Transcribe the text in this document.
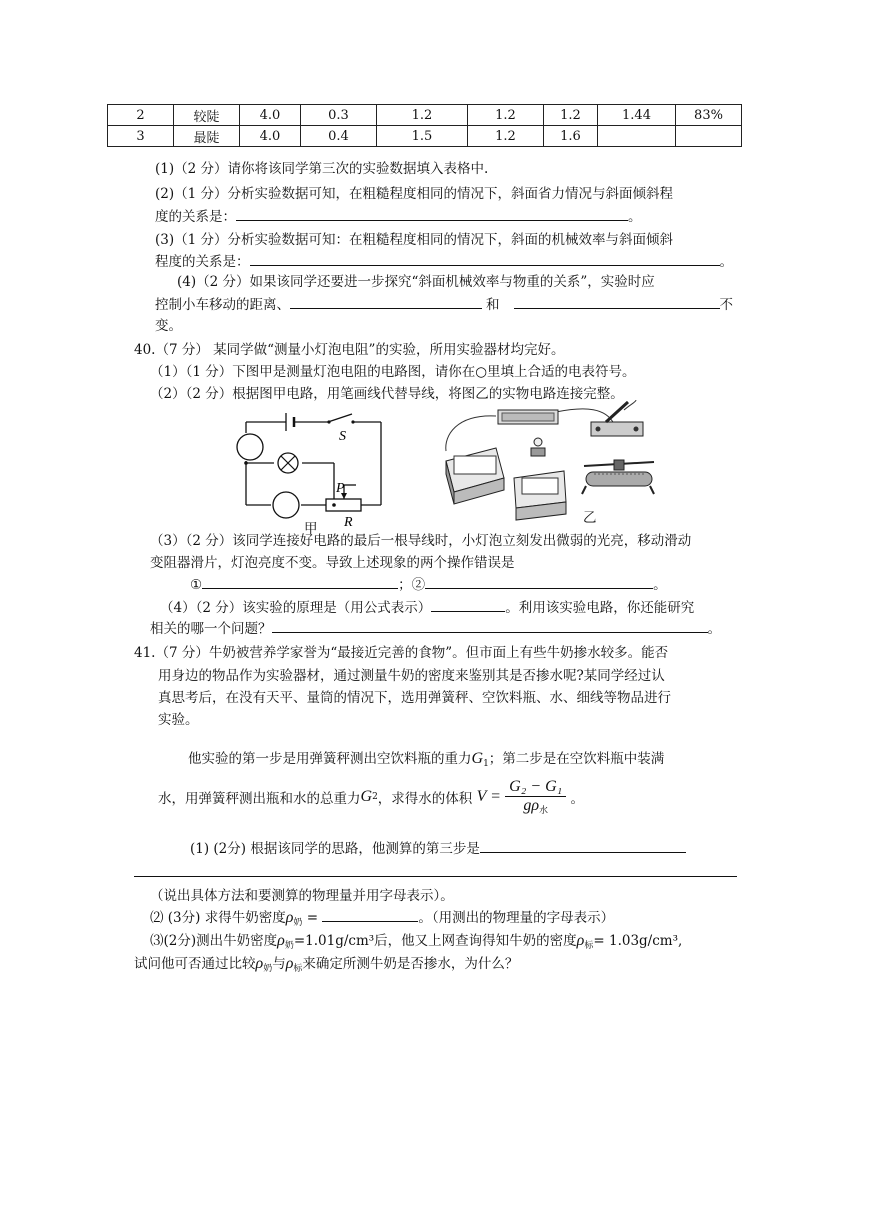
2	较陡	4.0	0.3	1.2	1.2	1.2	1.44	83%
3	最陡	4.0	0.4	1.5	1.2	1.6		
(1)（2 分）请你将该同学第三次的实验数据填入表格中.
(2)（1 分）分析实验数据可知，在粗糙程度相同的情况下，斜面省力情况与斜面倾斜程
度的关系是：	。
(3)（1 分）分析实验数据可知：在粗糙程度相同的情况下，斜面的机械效率与斜面倾斜
程度的关系是：	。
(4)（2 分）如果该同学还要进一步探究“斜面机械效率与物重的关系”，实验时应
控制小车移动的距离、	和	不
变。
40.（7 分） 某同学做“测量小灯泡电阻”的实验，所用实验器材均完好。
（1）（1 分）下图甲是测量灯泡电阻的电路图，请你在○里填上合适的电表符号。
（2）（2 分）根据图甲电路，用笔画线代替导线，将图乙的实物电路连接完整。
S
P
R
甲
乙
（3）（2 分）该同学连接好电路的最后一根导线时，小灯泡立刻发出微弱的光亮，移动滑动
变阻器滑片，灯泡亮度不变。导致上述现象的两个操作错误是
①	；②	。
（4）（2 分）该实验的原理是（用公式表示）	。利用该实验电路，你还能研究
相关的哪一个问题？	。
41.（7 分）牛奶被营养学家誉为“最接近完善的食物”。但市面上有些牛奶掺水较多。能否
用身边的物品作为实验器材，通过测量牛奶的密度来鉴别其是否掺水呢?某同学经过认
真思考后，在没有天平、量筒的情况下，选用弹簧秤、空饮料瓶、水、细线等物品进行
实验。
他实验的第一步是用弹簧秤测出空饮料瓶的重力$G_1$；第二步是在空饮料瓶中装满
水，用弹簧秤测出瓶和水的总重力G2，求得水的体积 $V = \frac{\text{G₂ − G₁}}{g\rho_水}$ 。
(1) (2分) 根据该同学的思路，他测算的第三步是
（说出具体方法和要测算的物理量并用字母表示）。
⑵ (3分) 求得牛奶密度$\rho_奶$ =	。（用测出的物理量的字母表示）
⑶(2分)测出牛奶密度$\rho_奶=1.01g$/cm³后，他又上网查询得知牛奶的密度$\rho_标= 1.03g/cm^3$,
试问他可否通过比较$\rho_奶$与$\rho_标$来确定所测牛奶是否掺水，为什么？
